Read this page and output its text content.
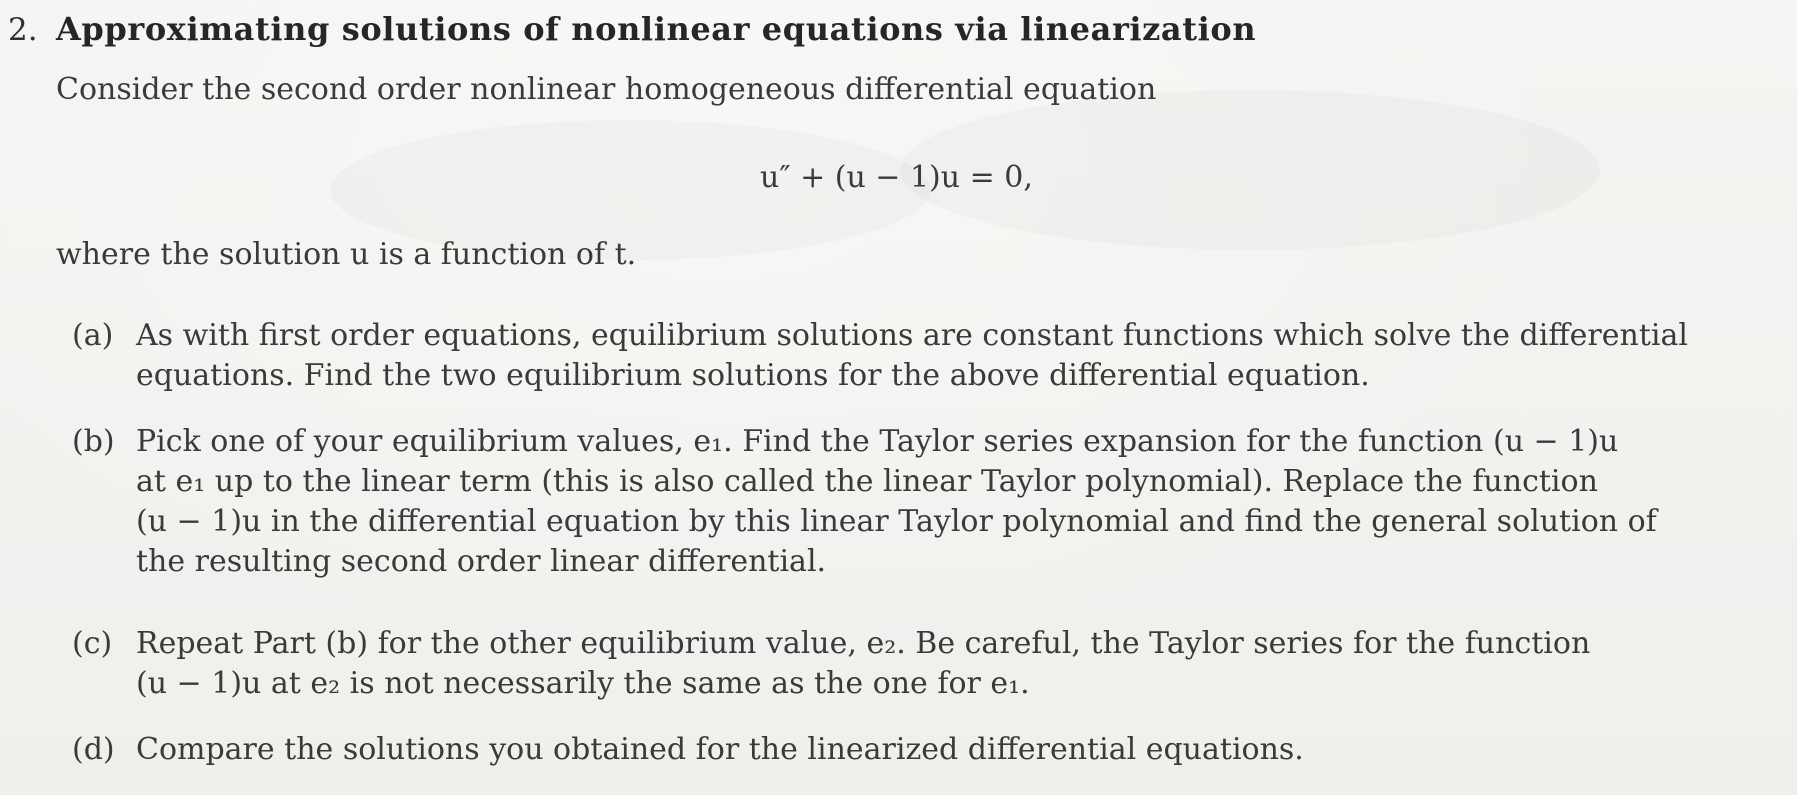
2. Approximating solutions of nonlinear equations via linearization
Consider the second order nonlinear homogeneous differential equation
u″ + (u − 1)u = 0,
where the solution u is a function of t.
(a) As with first order equations, equilibrium solutions are constant functions which solve the differential
equations. Find the two equilibrium solutions for the above differential equation.
(b) Pick one of your equilibrium values, e₁. Find the Taylor series expansion for the function (u − 1)u
at e₁ up to the linear term (this is also called the linear Taylor polynomial). Replace the function
(u − 1)u in the differential equation by this linear Taylor polynomial and find the general solution of
the resulting second order linear differential.
(c) Repeat Part (b) for the other equilibrium value, e₂. Be careful, the Taylor series for the function
(u − 1)u at e₂ is not necessarily the same as the one for e₁.
(d) Compare the solutions you obtained for the linearized differential equations.
